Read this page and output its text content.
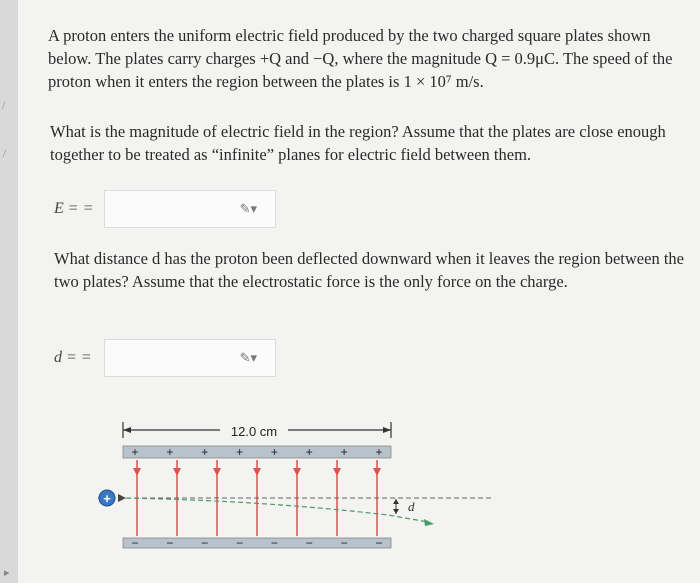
/
/
▸
A proton enters the uniform electric field produced by the two charged square plates shown below. The plates carry charges +Q and −Q, where the magnitude Q = 0.9μC. The speed of the proton when it enters the region between the plates is 1 × 10⁷ m/s.
What is the magnitude of electric field in the region? Assume that the plates are close enough together to be treated as “infinite” planes for electric field between them.
E = =	✎▾
What distance d has the proton been deflected downward when it leaves the region between the two plates? Assume that the electrostatic force is the only force on the charge.
d = =	✎▾
12.0 cm
+ + + + + + + +
− − − − − − − −
+
d
